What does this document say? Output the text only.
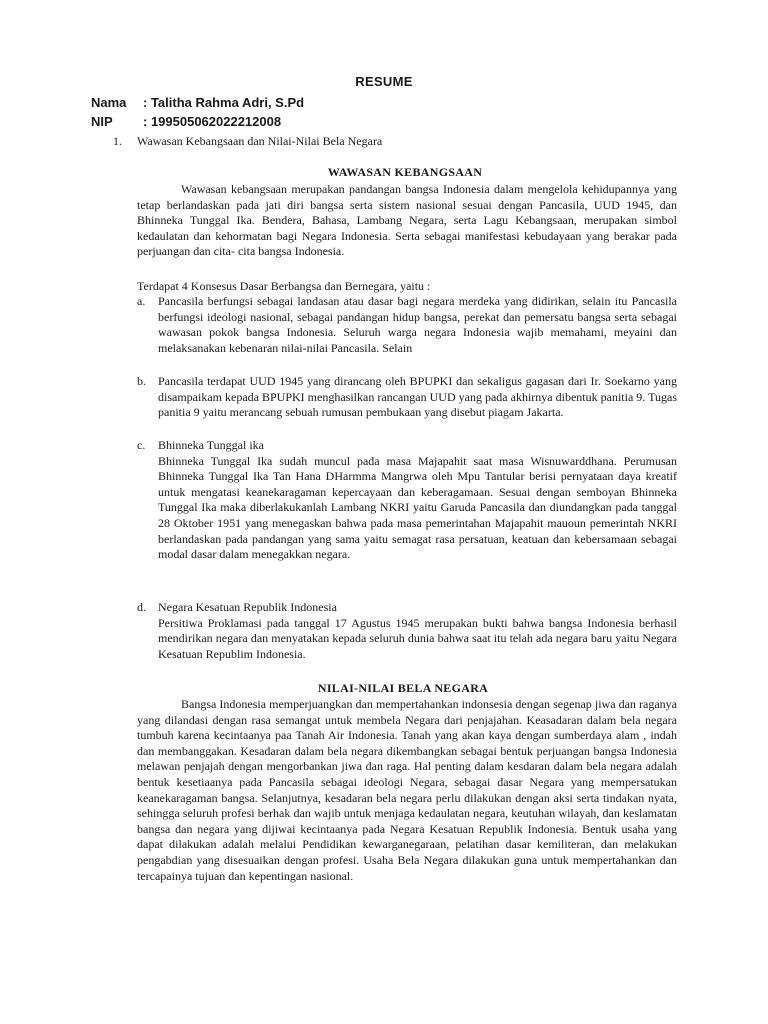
RESUME
Nama : Talitha Rahma Adri, S.Pd
NIP : 199505062022212008
1. Wawasan Kebangsaan dan Nilai-Nilai Bela Negara
WAWASAN KEBANGSAAN

Wawasan kebangsaan merupakan pandangan bangsa Indonesia dalam mengelola kehidupannya yang tetap berlandaskan pada jati diri bangsa serta sistem nasional sesuai dengan Pancasila, UUD 1945, dan Bhinneka Tunggal Ika. Bendera, Bahasa, Lambang Negara, serta Lagu Kebangsaan, merupakan simbol kedaulatan dan kehormatan bagi Negara Indonesia. Serta sebagai manifestasi kebudayaan yang berakar pada perjuangan dan cita- cita bangsa Indonesia.

Terdapat 4 Konsesus Dasar Berbangsa dan Bernegara, yaitu :

a. Pancasila berfungsi sebagai landasan atau dasar bagi negara merdeka yang didirikan, selain itu Pancasila berfungsi ideologi nasional, sebagai pandangan hidup bangsa, perekat dan pemersatu bangsa serta sebagai wawasan pokok bangsa Indonesia. Seluruh warga negara Indonesia wajib memahami, meyaini dan melaksanakan kebenaran nilai-nilai Pancasila. Selain
b. Pancasila terdapat UUD 1945 yang dirancang oleh BPUPKI dan sekaligus gagasan dari Ir. Soekarno yang disampaikam kepada BPUPKI menghasilkan rancangan UUD yang pada akhirnya dibentuk panitia 9. Tugas panitia 9 yaitu merancang sebuah rumusan pembukaan yang disebut piagam Jakarta.
c. Bhinneka Tunggal ika
Bhinneka Tunggal Ika sudah muncul pada masa Majapahit saat masa Wisnuwarddhana. Perumusan Bhinneka Tunggal Ika Tan Hana DHarmma Mangrwa oleh Mpu Tantular berisi pernyataan daya kreatif untuk mengatasi keanekaragaman kepercayaan dan keberagamaan. Sesuai dengan semboyan Bhinneka Tunggal Ika maka diberlakukanlah Lambang NKRI yaitu Garuda Pancasila dan diundangkan pada tanggal 28 Oktober 1951 yang menegaskan bahwa pada masa pemerintahan Majapahit mauoun pemerintah NKRI berlandaskan pada pandangan yang sama yaitu semagat rasa persatuan, keatuan dan kebersamaan sebagai modal dasar dalam menegakkan negara.
d. Negara Kesatuan Republik Indonesia
Persitiwa Proklamasi pada tanggal 17 Agustus 1945 merupakan bukti bahwa bangsa Indonesia berhasil mendirikan negara dan menyatakan kepada seluruh dunia bahwa saat itu telah ada negara baru yaitu Negara Kesatuan Republim Indonesia.
NILAI-NILAI BELA NEGARA

Bangsa Indonesia memperjuangkan dan mempertahankan indonsesia dengan segenap jiwa dan raganya yang dilandasi dengan rasa semangat untuk membela Negara dari penjajahan. Keasadaran dalam bela negara tumbuh karena kecintaanya paa Tanah Air Indonesia. Tanah yang akan kaya dengan sumberdaya alam , indah dan membanggakan. Kesadaran dalam bela negara dikembangkan sebagai bentuk perjuangan bangsa Indonesia melawan penjajah dengan mengorbankan jiwa dan raga. Hal penting dalam kesdaran dalam bela negara adalah bentuk kesetiaanya pada Pancasila sebagai ideologi Negara, sebagai dasar Negara yang mempersatukan keanekaragaman bangsa. Selanjutnya, kesadaran bela negara perlu dilakukan dengan aksi serta tindakan nyata, sehingga seluruh profesi berhak dan wajib untuk menjaga kedaulatan negara, keutuhan wilayah, dan keslamatan bangsa dan negara yang dijiwai kecintaanya pada Negara Kesatuan Republik Indonesia. Bentuk usaha yang dapat dilakukan adalah melalui Pendidikan kewarganegaraan, pelatihan dasar kemiliteran, dan melakukan pengabdian yang disesuaikan dengan profesi. Usaha Bela Negara dilakukan guna untuk mempertahankan dan tercapainya tujuan dan kepentingan nasional.
